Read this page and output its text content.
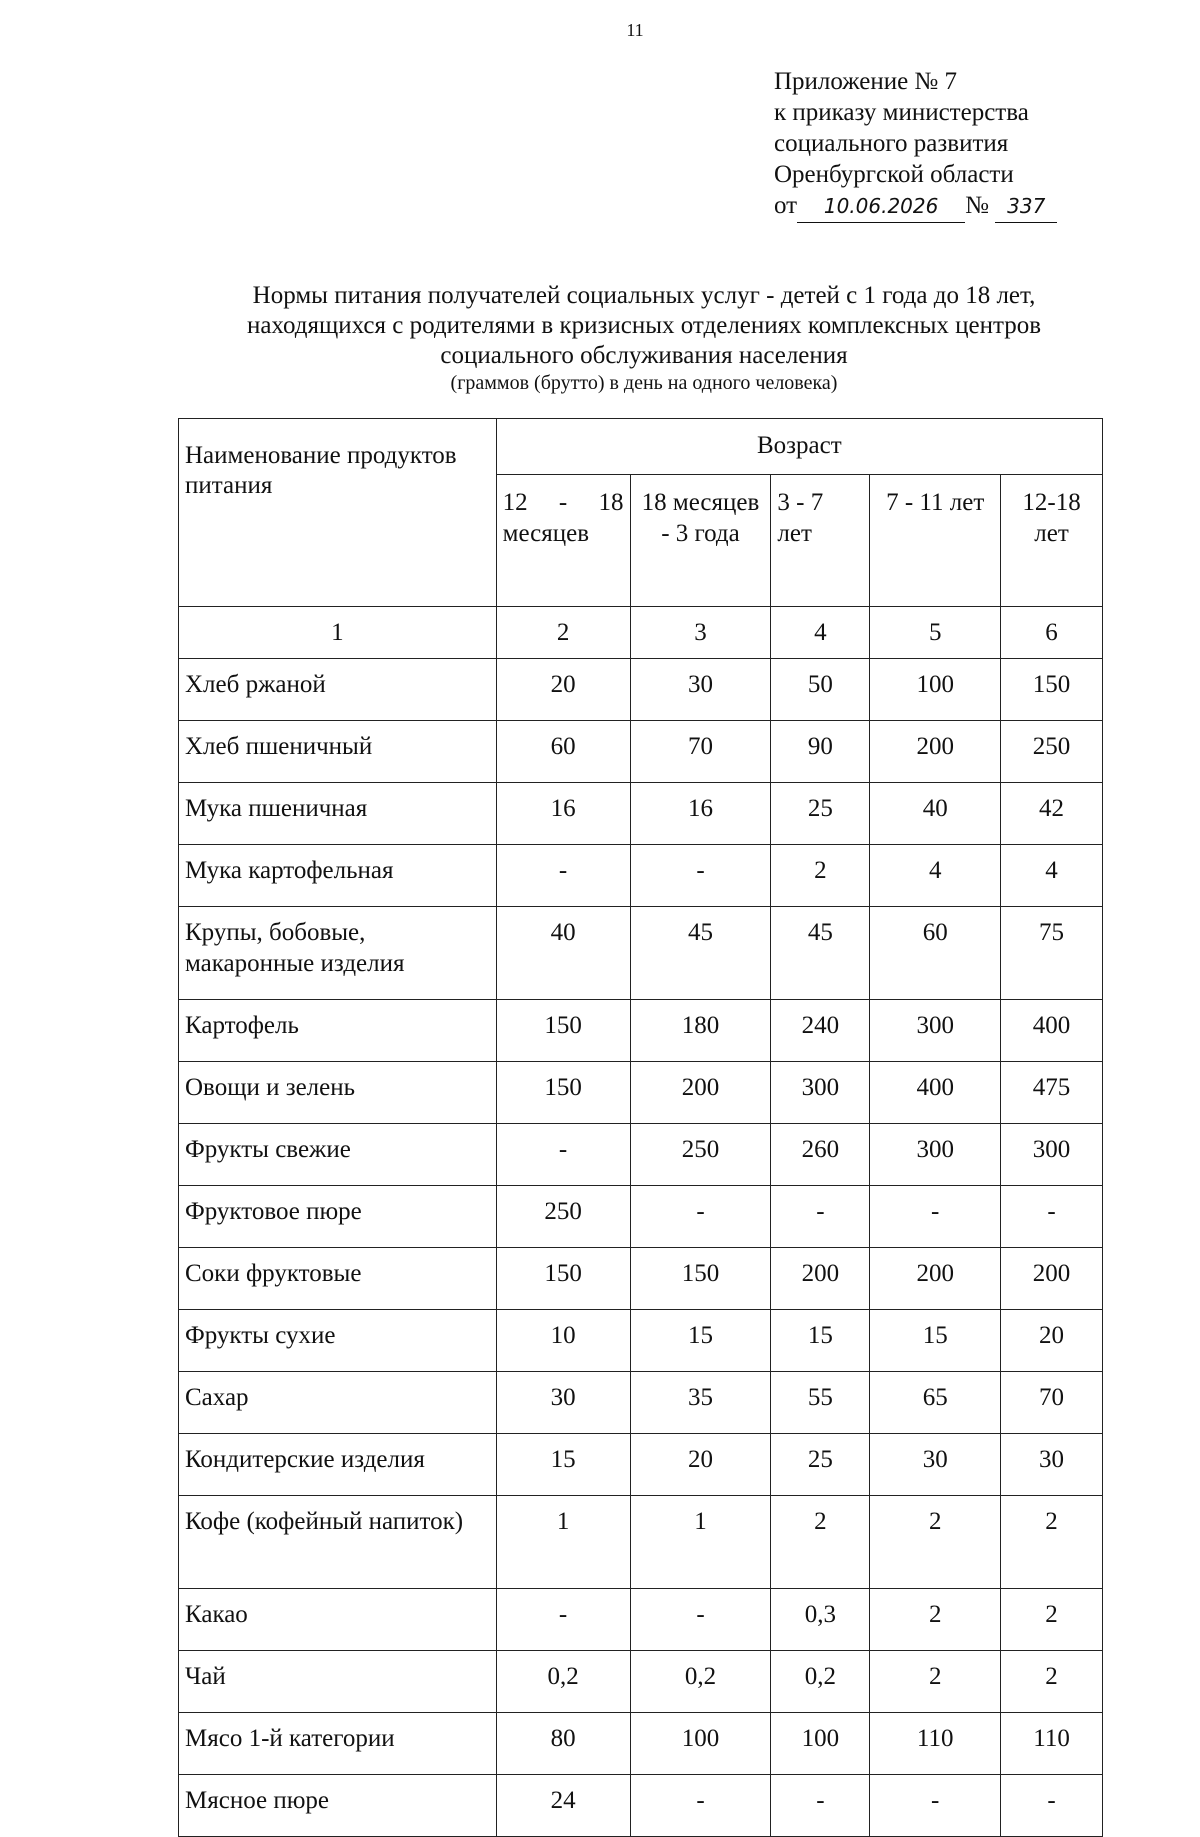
11
Приложение № 7
к приказу министерства
социального развития
Оренбургской области
от 10.06.2026 № 337
Нормы питания получателей социальных услуг - детей с 1 года до 18 лет,
находящихся с родителями в кризисных отделениях комплексных центров
социального обслуживания населения
(граммов (брутто) в день на одного человека)
Наименование продуктов питания	Возраст				
	12 - 18 месяцев	18 месяцев - 3 года	3 - 7 лет	7 - 11 лет	12-18 лет
1	2	3	4	5	6
Хлеб ржаной	20	30	50	100	150
Хлеб пшеничный	60	70	90	200	250
Мука пшеничная	16	16	25	40	42
Мука картофельная	-	-	2	4	4
Крупы, бобовые, макаронные изделия	40	45	45	60	75
Картофель	150	180	240	300	400
Овощи и зелень	150	200	300	400	475
Фрукты свежие	-	250	260	300	300
Фруктовое пюре	250	-	-	-	-
Соки фруктовые	150	150	200	200	200
Фрукты сухие	10	15	15	15	20
Сахар	30	35	55	65	70
Кондитерские изделия	15	20	25	30	30
Кофе (кофейный напиток)	1	1	2	2	2
Какао	-	-	0,3	2	2
Чай	0,2	0,2	0,2	2	2
Мясо 1-й категории	80	100	100	110	110
Мясное пюре	24	-	-	-	-
